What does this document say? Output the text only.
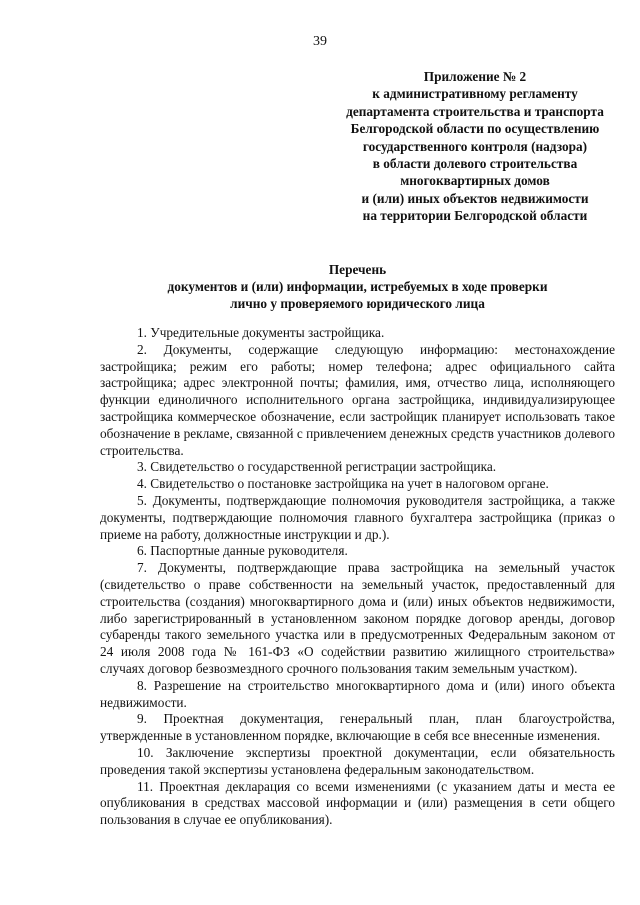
39
Приложение № 2
к административному регламенту
департамента строительства и транспорта
Белгородской области по осуществлению
государственного контроля (надзора)
в области долевого строительства
многоквартирных домов
и (или) иных объектов недвижимости
на территории Белгородской области
Перечень
документов и (или) информации, истребуемых в ходе проверки
лично у проверяемого юридического лица

1. Учредительные документы застройщика.

2. Документы, содержащие следующую информацию: местонахождение застройщика; режим его работы; номер телефона; адрес официального сайта застройщика; адрес электронной почты; фамилия, имя, отчество лица, исполняющего функции единоличного исполнительного органа застройщика, индивидуализирующее застройщика коммерческое обозначение, если застройщик планирует использовать такое обозначение в рекламе, связанной с привлечением денежных средств участников долевого строительства.

3. Свидетельство о государственной регистрации застройщика.

4. Свидетельство о постановке застройщика на учет в налоговом органе.

5. Документы, подтверждающие полномочия руководителя застройщика, а также документы, подтверждающие полномочия главного бухгалтера застройщика (приказ о приеме на работу, должностные инструкции и др.).

6. Паспортные данные руководителя.

7. Документы, подтверждающие права застройщика на земельный участок (свидетельство о праве собственности на земельный участок, предоставленный для строительства (создания) многоквартирного дома и (или) иных объектов недвижимости, либо зарегистрированный в установленном законом порядке договор аренды, договор субаренды такого земельного участка или в предусмотренных Федеральным законом от 24 июля 2008 года № 161-ФЗ «О содействии развитию жилищного строительства» случаях договор безвозмездного срочного пользования таким земельным участком).

8. Разрешение на строительство многоквартирного дома и (или) иного объекта недвижимости.

9. Проектная документация, генеральный план, план благоустройства, утвержденные в установленном порядке, включающие в себя все внесенные изменения.

10. Заключение экспертизы проектной документации, если обязательность проведения такой экспертизы установлена федеральным законодательством.

11. Проектная декларация со всеми изменениями (с указанием даты и места ее опубликования в средствах массовой информации и (или) размещения в сети общего пользования в случае ее опубликования).
